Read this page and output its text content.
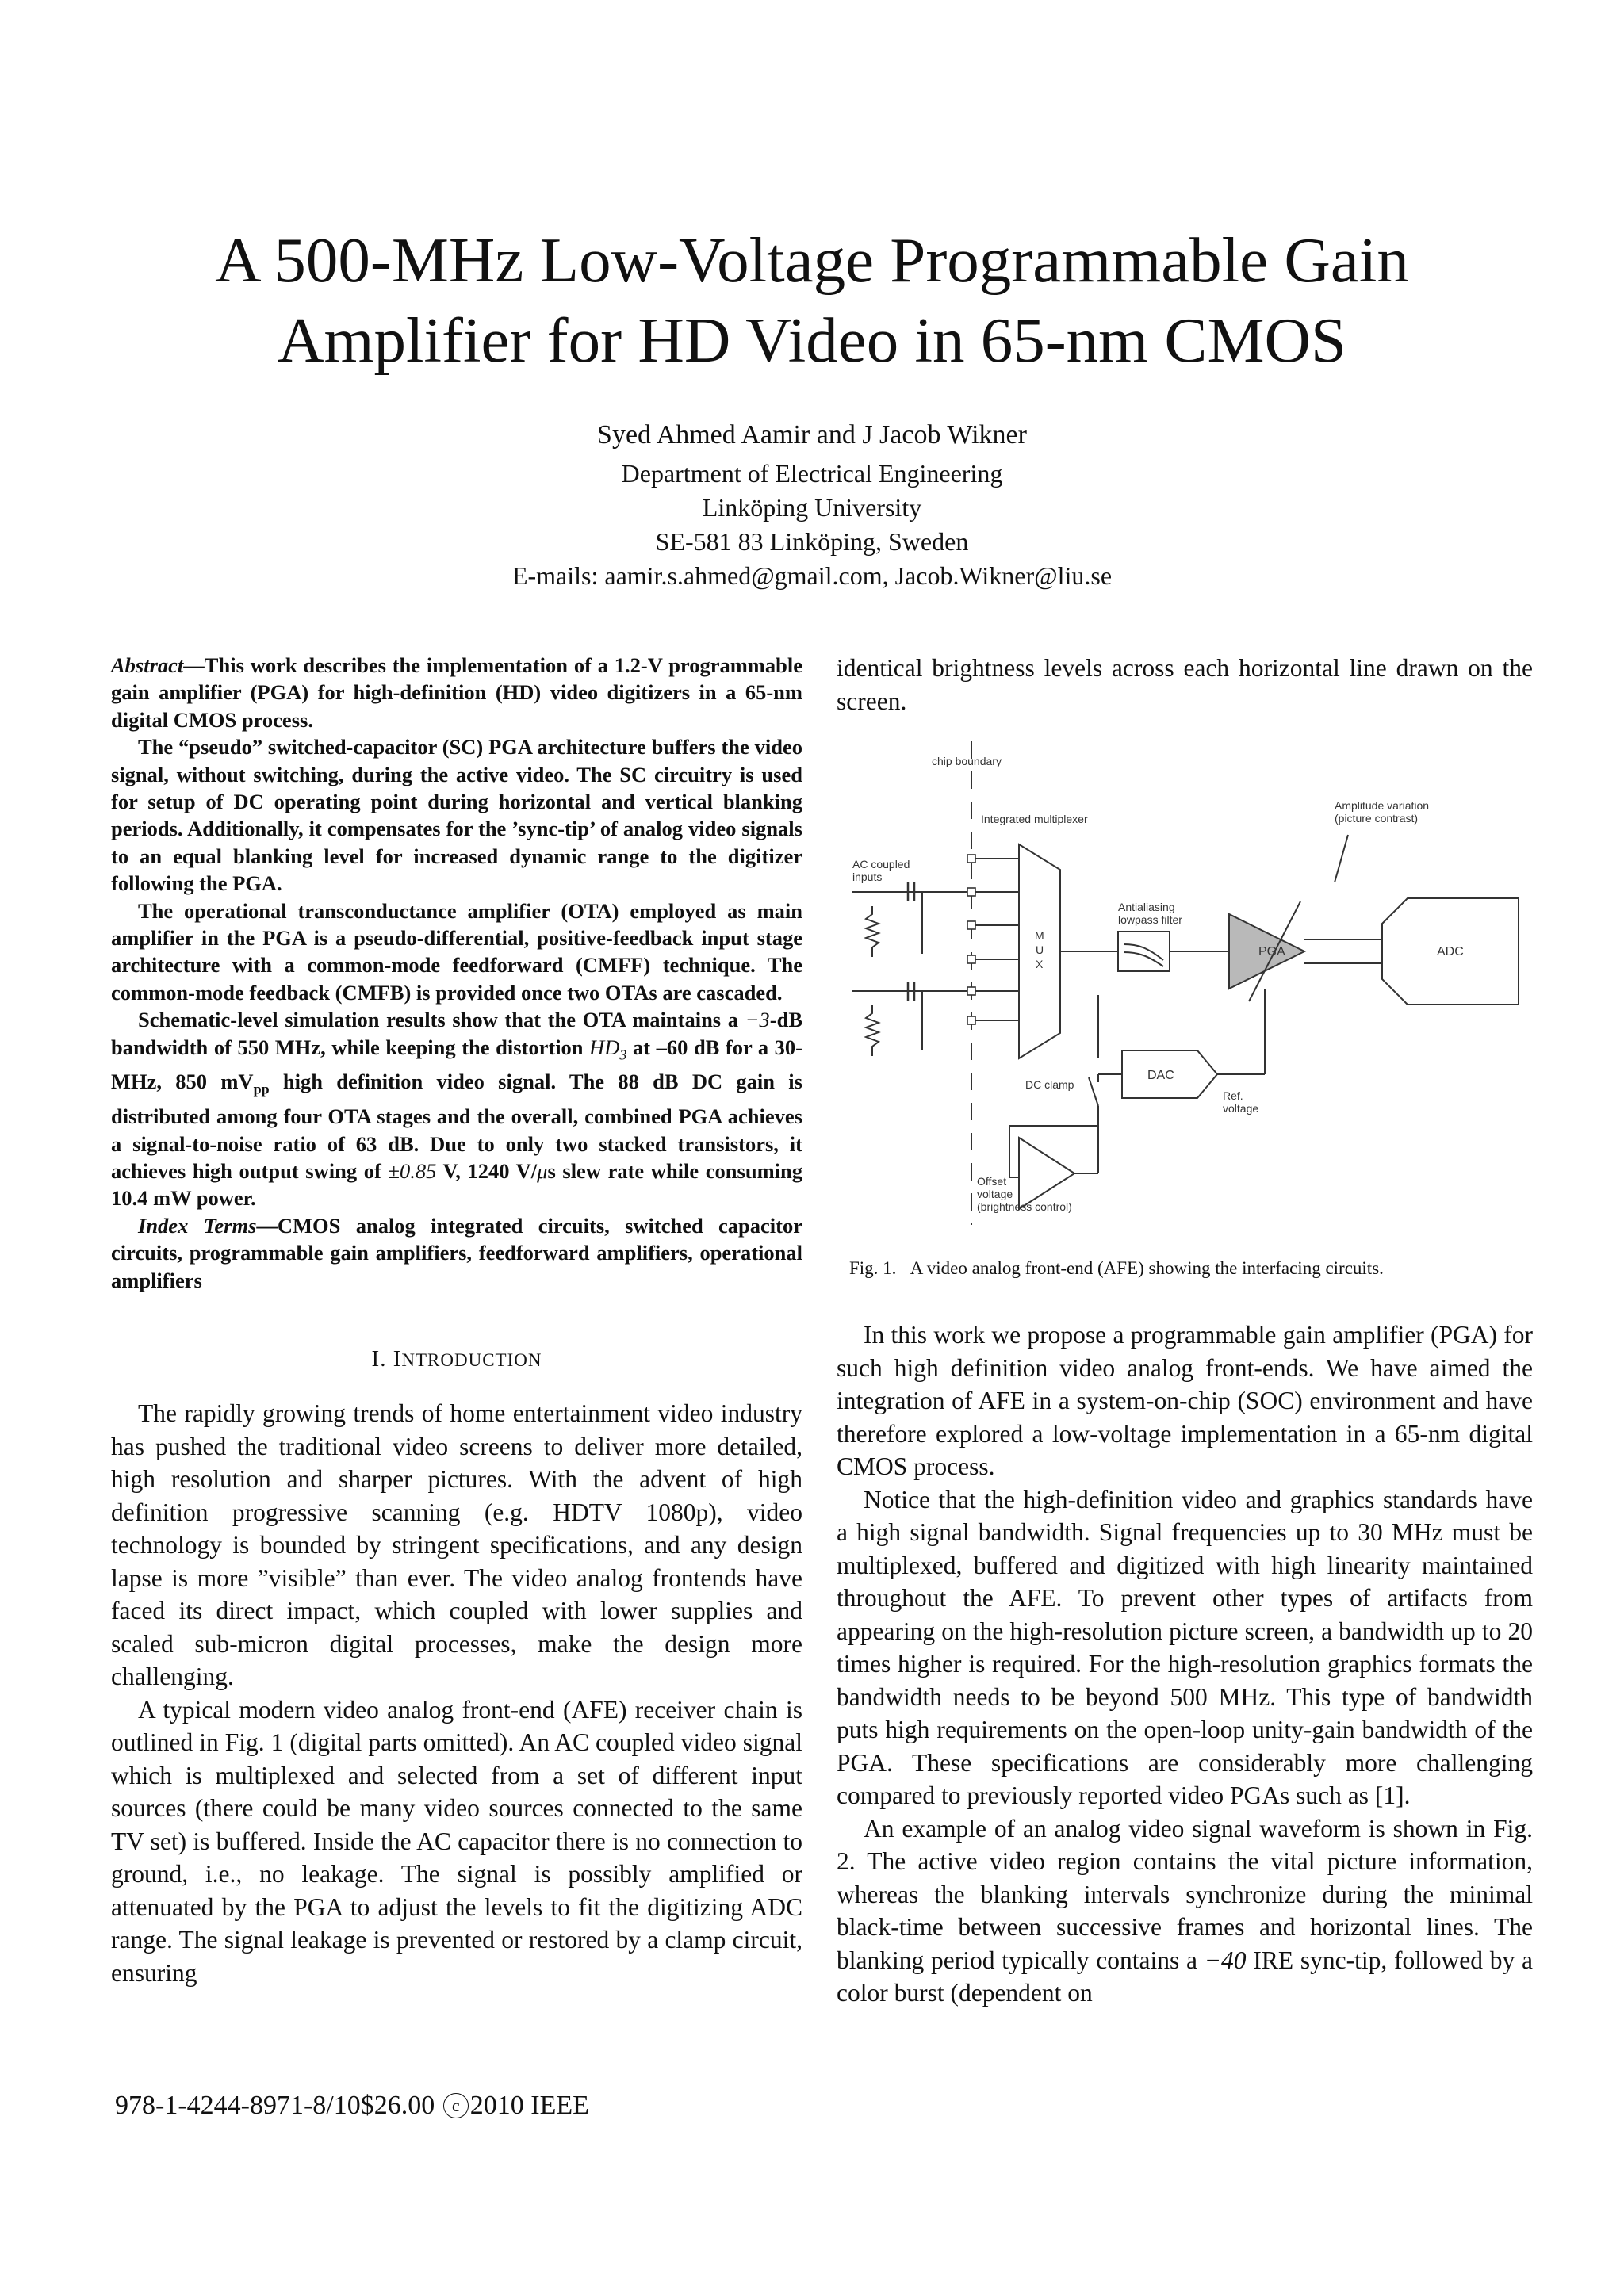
A 500-MHz Low-Voltage Programmable Gain
Amplifier for HD Video in 65-nm CMOS
Syed Ahmed Aamir and J Jacob Wikner
Department of Electrical Engineering
Linköping University
SE-581 83 Linköping, Sweden
E-mails: aamir.s.ahmed@gmail.com, Jacob.Wikner@liu.se

Abstract—This work describes the implementation of a 1.2-V programmable gain amplifier (PGA) for high-definition (HD) video digitizers in a 65-nm digital CMOS process.

The “pseudo” switched-capacitor (SC) PGA architecture buffers the video signal, without switching, during the active video. The SC circuitry is used for setup of DC operating point during horizontal and vertical blanking periods. Additionally, it compensates for the ’sync-tip’ of analog video signals to an equal blanking level for increased dynamic range to the digitizer following the PGA.

The operational transconductance amplifier (OTA) employed as main amplifier in the PGA is a pseudo-differential, positive-feedback input stage architecture with a common-mode feedforward (CMFF) technique. The common-mode feedback (CMFB) is provided once two OTAs are cascaded.

Schematic-level simulation results show that the OTA maintains a −3-dB bandwidth of 550 MHz, while keeping the distortion $HD_3$ at –60 dB for a 30-MHz, 850 $mV_{pp}$ high definition video signal. The 88 dB DC gain is distributed among four OTA stages and the overall, combined PGA achieves a signal-to-noise ratio of 63 dB. Due to only two stacked transistors, it achieves high output swing of ±0.85 V, 1240 V/μs slew rate while consuming 10.4 mW power.

Index Terms—CMOS analog integrated circuits, switched capacitor circuits, programmable gain amplifiers, feedforward amplifiers, operational amplifiers

I. INTRODUCTION

The rapidly growing trends of home entertainment video industry has pushed the traditional video screens to deliver more detailed, high resolution and sharper pictures. With the advent of high definition progressive scanning (e.g. HDTV 1080p), video technology is bounded by stringent specifications, and any design lapse is more ”visible” than ever. The video analog frontends have faced its direct impact, which coupled with lower supplies and scaled sub-micron digital processes, make the design more challenging.

A typical modern video analog front-end (AFE) receiver chain is outlined in Fig. 1 (digital parts omitted). An AC coupled video signal which is multiplexed and selected from a set of different input sources (there could be many video sources connected to the same TV set) is buffered. Inside the AC capacitor there is no connection to ground, i.e., no leakage. The signal is possibly amplified or attenuated by the PGA to adjust the levels to fit the digitizing ADC range. The signal leakage is prevented or restored by a clamp circuit, ensuring

identical brightness levels across each horizontal line drawn on the screen.

chip boundary
Integrated multiplexer
AC coupled
inputs
M
U
X
Antialiasing
lowpass filter
Amplitude variation
(picture contrast)
PGA	ADC
DAC
DC clamp
Ref.
voltage
Offset
voltage
(brightness control)

Fig. 1. A video analog front-end (AFE) showing the interfacing circuits.

In this work we propose a programmable gain amplifier (PGA) for such high definition video analog front-ends. We have aimed the integration of AFE in a system-on-chip (SOC) environment and have therefore explored a low-voltage implementation in a 65-nm digital CMOS process.

Notice that the high-definition video and graphics standards have a high signal bandwidth. Signal frequencies up to 30 MHz must be multiplexed, buffered and digitized with high linearity maintained throughout the AFE. To prevent other types of artifacts from appearing on the high-resolution picture screen, a bandwidth up to 20 times higher is required. For the high-resolution graphics formats the bandwidth needs to be beyond 500 MHz. This type of bandwidth puts high requirements on the open-loop unity-gain bandwidth of the PGA. These specifications are considerably more challenging compared to previously reported video PGAs such as [1].

An example of an analog video signal waveform is shown in Fig. 2. The active video region contains the vital picture information, whereas the blanking intervals synchronize during the minimal black-time between successive frames and horizontal lines. The blanking period typically contains a −40 IRE sync-tip, followed by a color burst (dependent on

978-1-4244-8971-8/10$26.00 c 2010 IEEE
